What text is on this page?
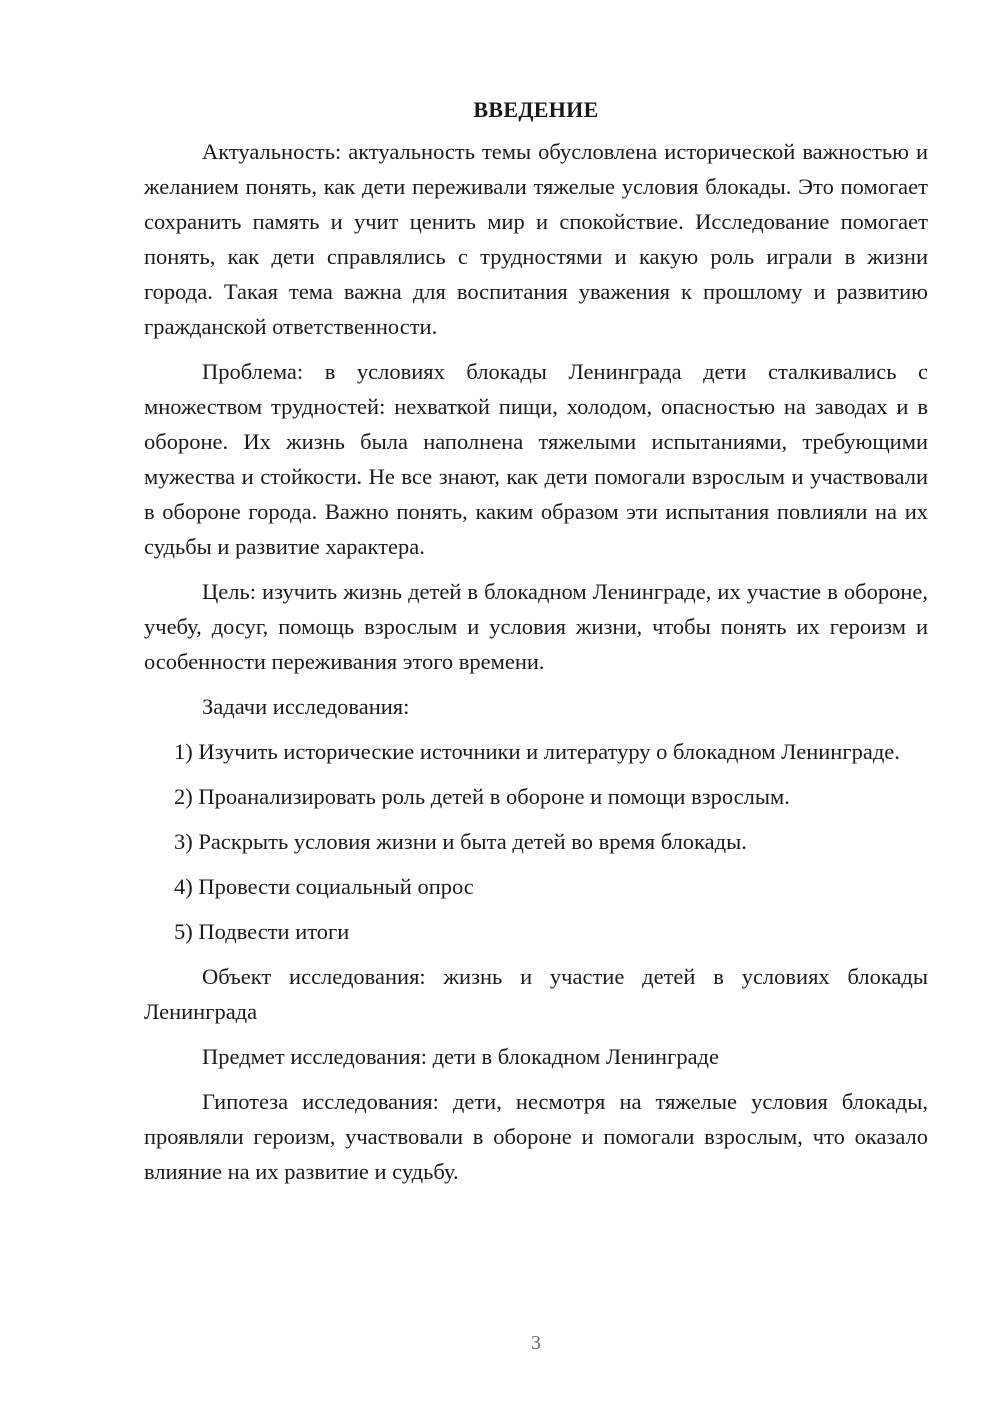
ВВЕДЕНИЕ

Актуальность: актуальность темы обусловлена исторической важностью и желанием понять, как дети переживали тяжелые условия блокады. Это помогает сохранить память и учит ценить мир и спокойствие. Исследование помогает понять, как дети справлялись с трудностями и какую роль играли в жизни города. Такая тема важна для воспитания уважения к прошлому и развитию гражданской ответственности.

Проблема: в условиях блокады Ленинграда дети сталкивались с множеством трудностей: нехваткой пищи, холодом, опасностью на заводах и в обороне. Их жизнь была наполнена тяжелыми испытаниями, требующими мужества и стойкости. Не все знают, как дети помогали взрослым и участвовали в обороне города. Важно понять, каким образом эти испытания повлияли на их судьбы и развитие характера.

Цель: изучить жизнь детей в блокадном Ленинграде, их участие в обороне, учебу, досуг, помощь взрослым и условия жизни, чтобы понять их героизм и особенности переживания этого времени.

Задачи исследования:

1) Изучить исторические источники и литературу о блокадном Ленинграде.

2) Проанализировать роль детей в обороне и помощи взрослым.

3) Раскрыть условия жизни и быта детей во время блокады.

4) Провести социальный опрос

5) Подвести итоги

Объект исследования: жизнь и участие детей в условиях блокады Ленинграда

Предмет исследования: дети в блокадном Ленинграде

Гипотеза исследования: дети, несмотря на тяжелые условия блокады, проявляли героизм, участвовали в обороне и помогали взрослым, что оказало влияние на их развитие и судьбу.

3
